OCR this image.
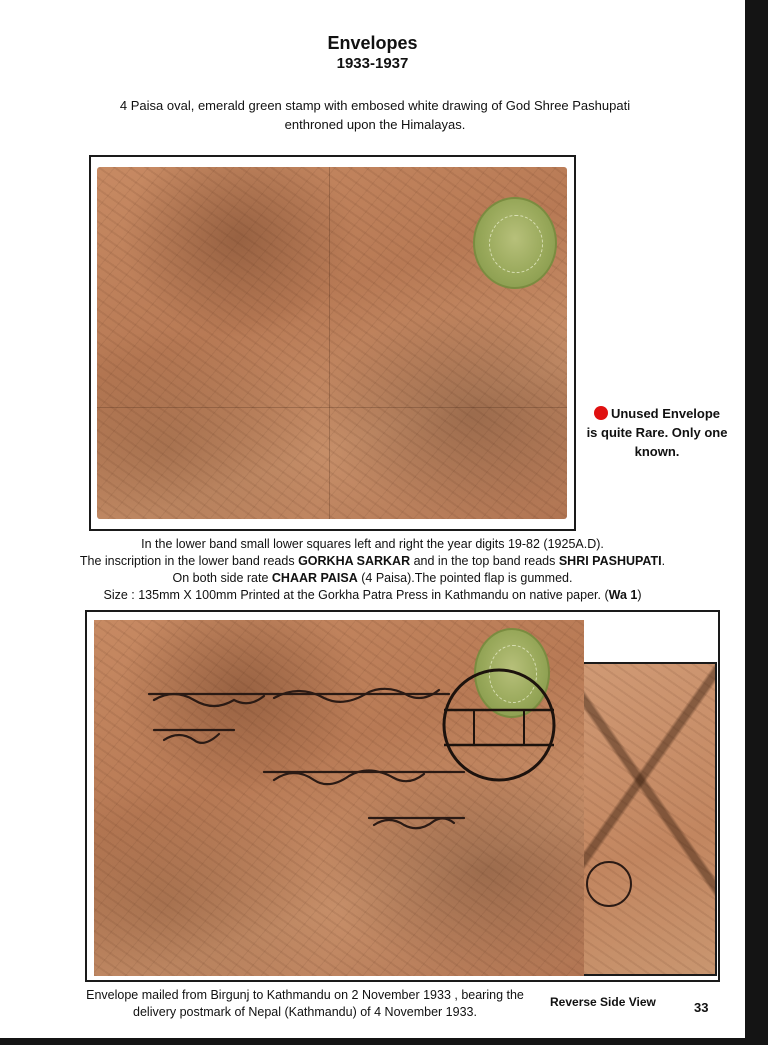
Envelopes
1933-1937
4 Paisa oval, emerald green stamp with embosed white drawing of God Shree Pashupati
enthroned upon the Himalayas.
Unused Envelope
is quite Rare. Only one
known.
In the lower band small lower squares left and right the year digits 19-82 (1925A.D).
The inscription in the lower band reads GORKHA SARKAR and in the top band reads SHRI PASHUPATI.
On both side rate CHAAR PAISA (4 Paisa).The pointed flap is gummed.
Size : 135mm X 100mm Printed at the Gorkha Patra Press in Kathmandu on native paper. (Wa 1)
Envelope mailed from Birgunj to Kathmandu on 2 November 1933 , bearing the
delivery postmark of Nepal (Kathmandu) of 4 November 1933.
Reverse Side View	33
